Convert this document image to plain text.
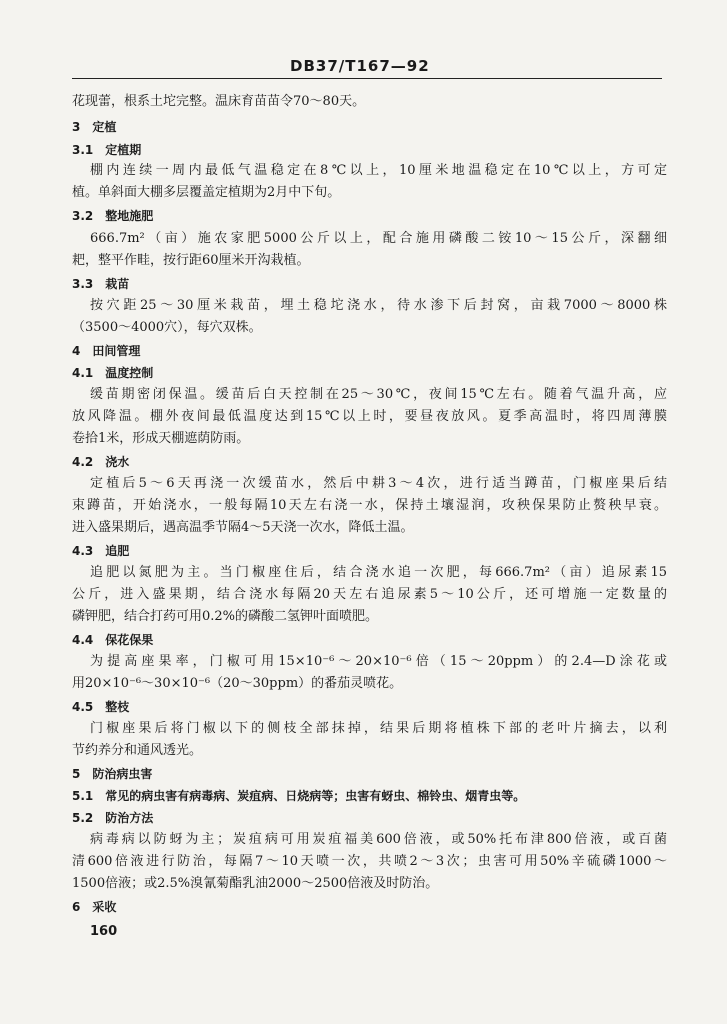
DB37/T167—92
花现蕾，根系土坨完整。温床育苗苗令70～80天。
3　定植
3.1　定植期
棚内连续一周内最低气温稳定在8℃以上，10厘米地温稳定在10℃以上，方可定
植。单斜面大棚多层覆盖定植期为2月中下旬。
3.2　整地施肥
666.7m²（亩）施农家肥5000公斤以上，配合施用磷酸二铵10～15公斤，深翻细
耙，整平作畦，按行距60厘米开沟栽植。
3.3　栽苗
按穴距25～30厘米栽苗，埋土稳坨浇水，待水渗下后封窝，亩栽7000～8000株
（3500～4000穴），每穴双株。
4　田间管理
4.1　温度控制
缓苗期密闭保温。缓苗后白天控制在25～30℃，夜间15℃左右。随着气温升高，应
放风降温。棚外夜间最低温度达到15℃以上时，要昼夜放风。夏季高温时，将四周薄膜
卷拾1米，形成天棚遮荫防雨。
4.2　浇水
定植后5～6天再浇一次缓苗水，然后中耕3～4次，进行适当蹲苗，门椒座果后结
束蹲苗，开始浇水，一般每隔10天左右浇一水，保持土壤湿润，攻秧保果防止赘秧早衰。
进入盛果期后，遇高温季节隔4～5天浇一次水，降低土温。
4.3　追肥
追肥以氮肥为主。当门椒座住后，结合浇水追一次肥，每666.7m²（亩）追尿素15
公斤，进入盛果期，结合浇水每隔20天左右追尿素5～10公斤，还可增施一定数量的
磷钾肥，结合打药可用0.2%的磷酸二氢钾叶面喷肥。
4.4　保花保果
为提高座果率，门椒可用15×10⁻⁶～20×10⁻⁶倍（15～20ppm）的2.4—D涂花或
用20×10⁻⁶～30×10⁻⁶（20～30ppm）的番茄灵喷花。
4.5　整枝
门椒座果后将门椒以下的侧枝全部抹掉，结果后期将植株下部的老叶片摘去，以利
节约养分和通风透光。
5　防治病虫害
5.1　常见的病虫害有病毒病、炭疽病、日烧病等；虫害有蚜虫、棉铃虫、烟青虫等。
5.2　防治方法
病毒病以防蚜为主；炭疽病可用炭疽福美600倍液，或50%托布津800倍液，或百菌
清600倍液进行防治，每隔7～10天喷一次，共喷2～3次；虫害可用50%辛硫磷1000～
1500倍液；或2.5%溴氰菊酯乳油2000～2500倍液及时防治。
6　采收
160
